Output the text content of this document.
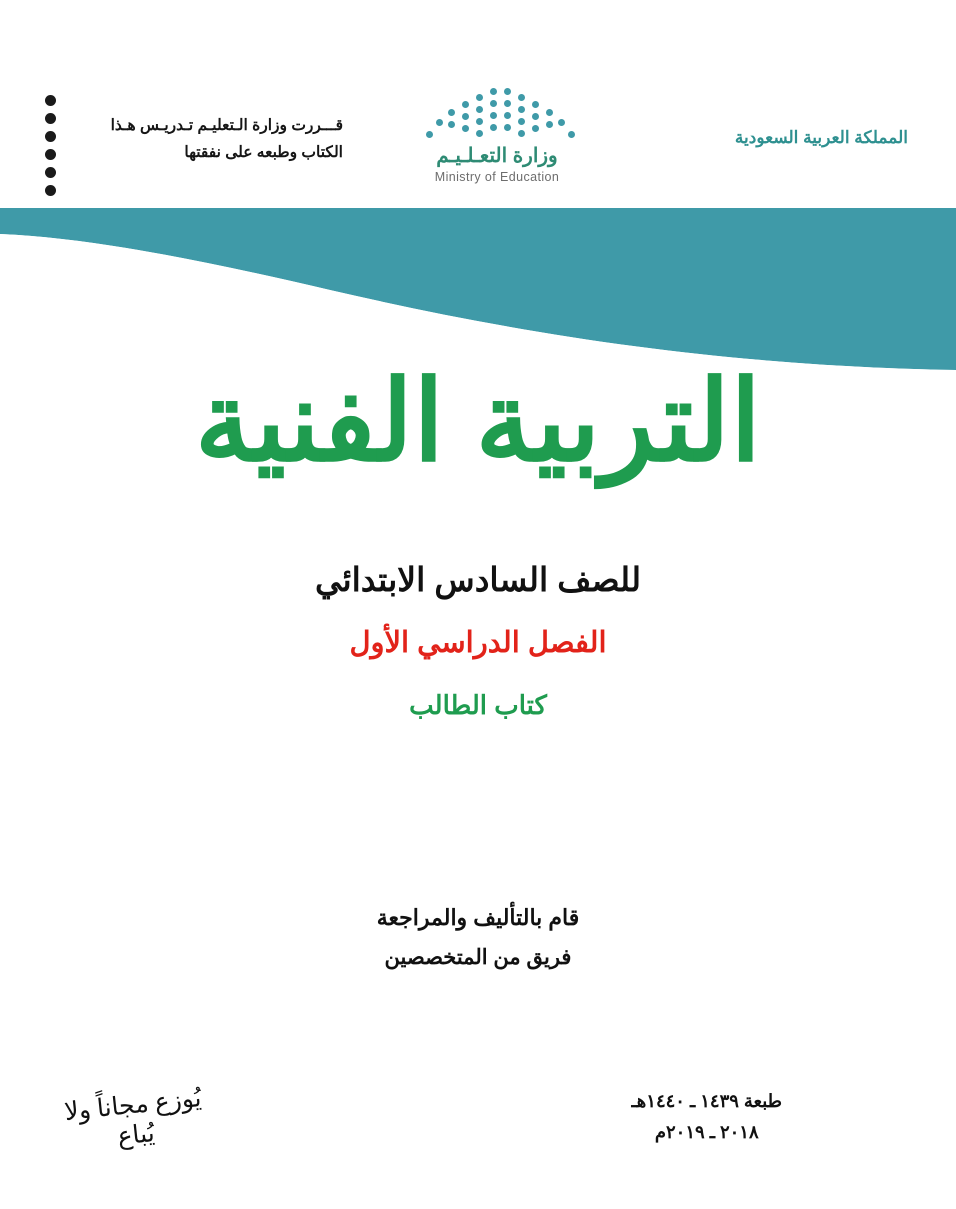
قـــررت وزارة الـتعليـم تـدريـس هـذا الكتاب وطبعه على نفقتها	وزارة التعـلـيـم
Ministry of Education
المملكة العربية السعودية
التربية الفنية
للصف السادس الابتدائي
الفصل الدراسي الأول
كتاب الطالب
قام بالتأليف والمراجعة
فريق من المتخصصين
طبعة ١٤٣٩ ـ ١٤٤٠هـ
٢٠١٨ ـ ٢٠١٩م
يُوزع مجاناً ولا يُباع
